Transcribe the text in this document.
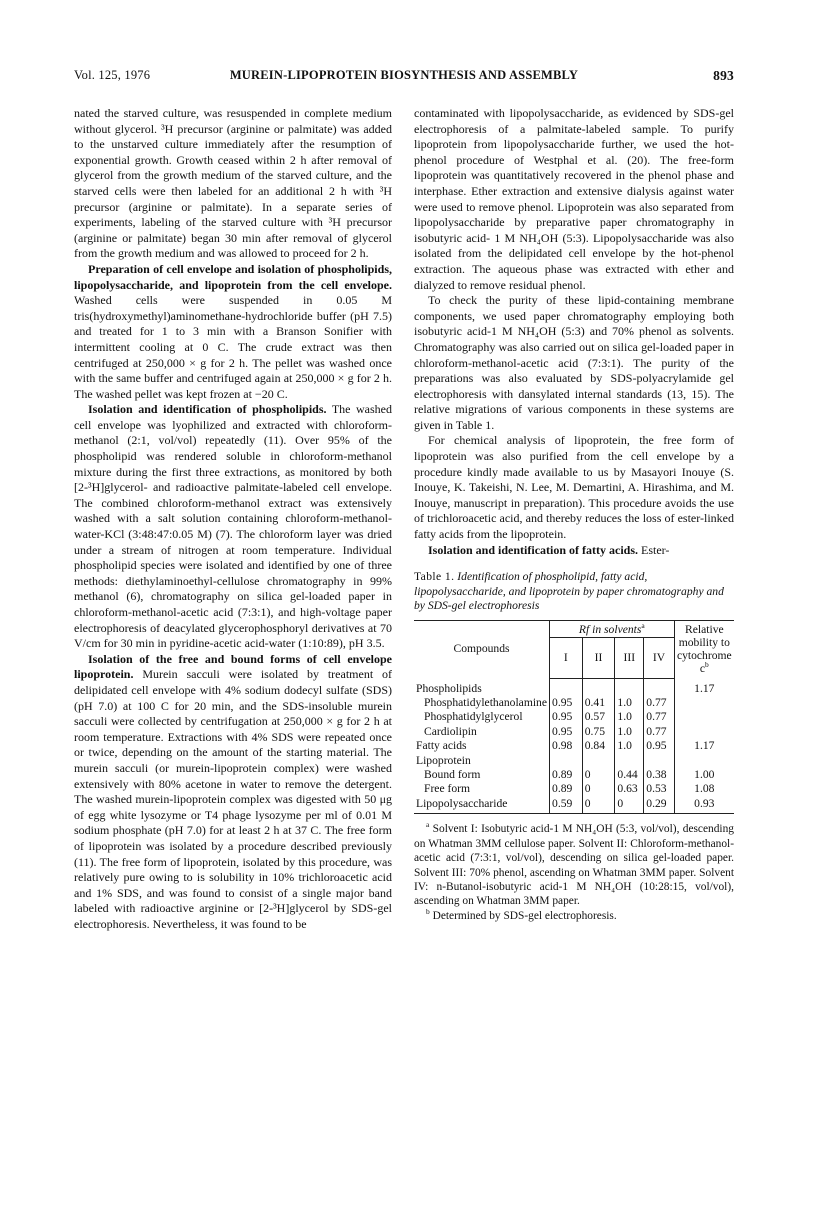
Vol. 125, 1976	MUREIN-LIPOPROTEIN BIOSYNTHESIS AND ASSEMBLY	893

nated the starved culture, was resuspended in complete medium without glycerol. ³H precursor (arginine or palmitate) was added to the unstarved culture immediately after the resumption of exponential growth. Growth ceased within 2 h after removal of glycerol from the growth medium of the starved culture, and the starved cells were then labeled for an additional 2 h with ³H precursor (arginine or palmitate). In a separate series of experiments, labeling of the starved culture with ³H precursor (arginine or palmitate) began 30 min after removal of glycerol from the growth medium and was allowed to proceed for 2 h.

Preparation of cell envelope and isolation of phospholipids, lipopolysaccharide, and lipoprotein from the cell envelope. Washed cells were suspended in 0.05 M tris(hydroxymethyl)aminomethane-hydrochloride buffer (pH 7.5) and treated for 1 to 3 min with a Branson Sonifier with intermittent cooling at 0 C. The crude extract was then centrifuged at 250,000 × g for 2 h. The pellet was washed once with the same buffer and centrifuged again at 250,000 × g for 2 h. The washed pellet was kept frozen at −20 C.

Isolation and identification of phospholipids. The washed cell envelope was lyophilized and extracted with chloroform-methanol (2:1, vol/vol) repeatedly (11). Over 95% of the phospholipid was rendered soluble in chloroform-methanol mixture during the first three extractions, as monitored by both [2-³H]glycerol- and radioactive palmitate-labeled cell envelope. The combined chloroform-methanol extract was extensively washed with a salt solution containing chloroform-methanol-water-KCl (3:48:47:0.05 M) (7). The chloroform layer was dried under a stream of nitrogen at room temperature. Individual phospholipid species were isolated and identified by one of three methods: diethylaminoethyl-cellulose chromatography in 99% methanol (6), chromatography on silica gel-loaded paper in chloroform-methanol-acetic acid (7:3:1), and high-voltage paper electrophoresis of deacylated glycerophosphoryl derivatives at 70 V/cm for 30 min in pyridine-acetic acid-water (1:10:89), pH 3.5.

Isolation of the free and bound forms of cell envelope lipoprotein. Murein sacculi were isolated by treatment of delipidated cell envelope with 4% sodium dodecyl sulfate (SDS) (pH 7.0) at 100 C for 20 min, and the SDS-insoluble murein sacculi were collected by centrifugation at 250,000 × g for 2 h at room temperature. Extractions with 4% SDS were repeated once or twice, depending on the amount of the starting material. The murein sacculi (or murein-lipoprotein complex) were washed extensively with 80% acetone in water to remove the detergent. The washed murein-lipoprotein complex was digested with 50 μg of egg white lysozyme or T4 phage lysozyme per ml of 0.01 M sodium phosphate (pH 7.0) for at least 2 h at 37 C. The free form of lipoprotein was isolated by a procedure described previously (11). The free form of lipoprotein, isolated by this procedure, was relatively pure owing to is solubility in 10% trichloroacetic acid and 1% SDS, and was found to consist of a single major band labeled with radioactive arginine or [2-³H]glycerol by SDS-gel electrophoresis. Nevertheless, it was found to be

contaminated with lipopolysaccharide, as evidenced by SDS-gel electrophoresis of a palmitate-labeled sample. To purify lipoprotein from lipopolysaccharide further, we used the hot-phenol procedure of Westphal et al. (20). The free-form lipoprotein was quantitatively recovered in the phenol phase and interphase. Ether extraction and extensive dialysis against water were used to remove phenol. Lipoprotein was also separated from lipopolysaccharide by preparative paper chromatography in isobutyric acid- 1 M NH₄OH (5:3). Lipopolysaccharide was also isolated from the delipidated cell envelope by the hot-phenol extraction. The aqueous phase was extracted with ether and dialyzed to remove residual phenol.

To check the purity of these lipid-containing membrane components, we used paper chromatography employing both isobutyric acid-1 M NH₄OH (5:3) and 70% phenol as solvents. Chromatography was also carried out on silica gel-loaded paper in chloroform-methanol-acetic acid (7:3:1). The purity of the preparations was also evaluated by SDS-polyacrylamide gel electrophoresis with dansylated internal standards (13, 15). The relative migrations of various components in these systems are given in Table 1.

For chemical analysis of lipoprotein, the free form of lipoprotein was also purified from the cell envelope by a procedure kindly made available to us by Masayori Inouye (S. Inouye, K. Takeishi, N. Lee, M. Demartini, A. Hirashima, and M. Inouye, manuscript in preparation). This procedure avoids the use of trichloroacetic acid, and thereby reduces the loss of ester-linked fatty acids from the lipoprotein.

Isolation and identification of fatty acids. Ester-

Table 1. Identification of phospholipid, fatty acid, lipopolysaccharide, and lipoprotein by paper chromatography and by SDS-gel electrophoresis

Compounds	Rf in solvents$^a$				Relative mobility to cytochrome $c^b$
	I	II	III	IV	
Phospholipids					1.17
Phosphatidylethanolamine	0.95	0.41	1.0	0.77	
Phosphatidylglycerol	0.95	0.57	1.0	0.77	
Cardiolipin	0.95	0.75	1.0	0.77	
Fatty acids	0.98	0.84	1.0	0.95	1.17
Lipoprotein					
Bound form	0.89	0	0.44	0.38	1.00
Free form	0.89	0	0.63	0.53	1.08
Lipopolysaccharide	0.59	0	0	0.29	0.93

$^a$ Solvent I: Isobutyric acid-1 M NH₄OH (5:3, vol/vol), descending on Whatman 3MM cellulose paper. Solvent II: Chloroform-methanol-acetic acid (7:3:1, vol/vol), descending on silica gel-loaded paper. Solvent III: 70% phenol, ascending on Whatman 3MM paper. Solvent IV: n-Butanol-isobutyric acid-1 M NH₄OH (10:28:15, vol/vol), ascending on Whatman 3MM paper.

$^b$ Determined by SDS-gel electrophoresis.
